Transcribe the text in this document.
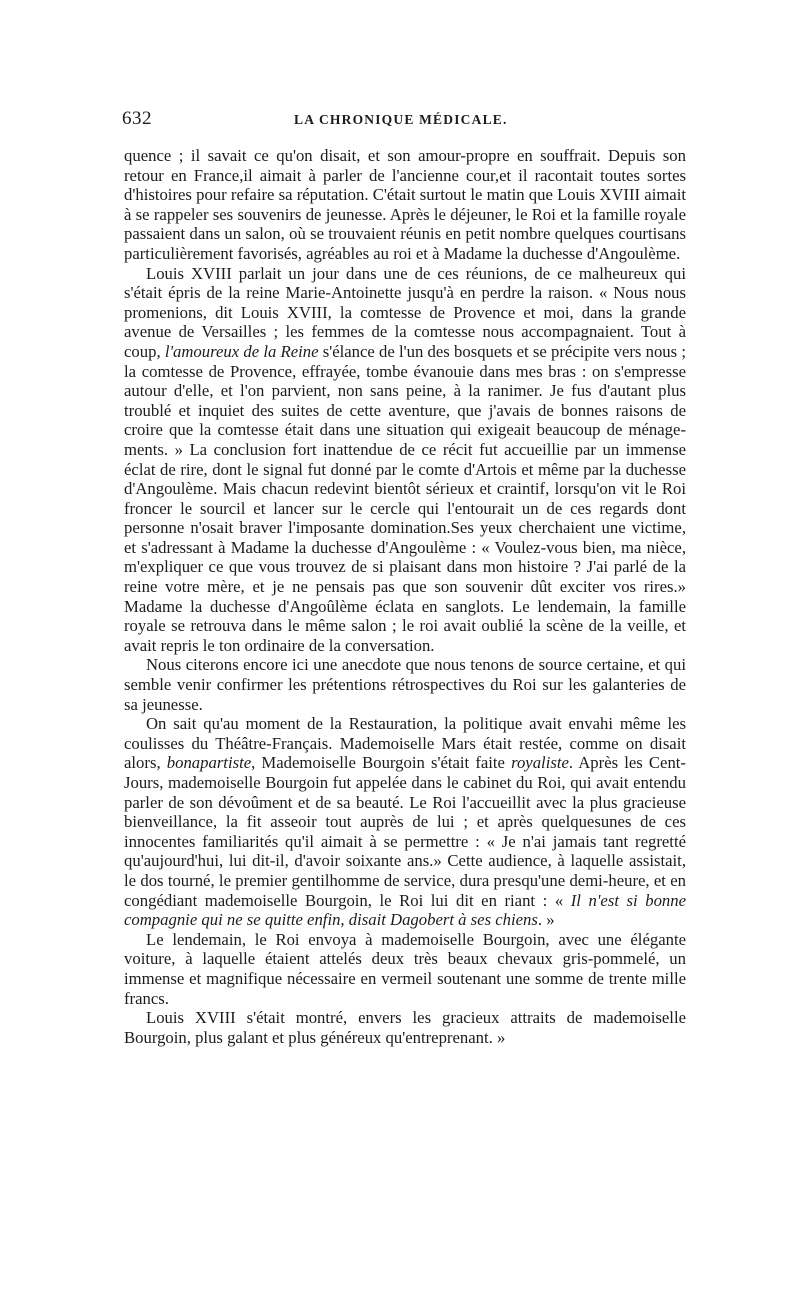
632	LA CHRONIQUE MÉDICALE.

quence ; il savait ce qu'on disait, et son amour-propre en souffrait. Depuis son retour en France,il aimait à parler de l'ancienne cour,et il racontait toutes sortes d'histoires pour refaire sa réputation. C'était surtout le matin que Louis XVIII aimait à se rappeler ses souvenirs de jeunesse. Après le déjeuner, le Roi et la famille royale passaient dans un salon, où se trouvaient réunis en petit nombre quelques courtisans particulièrement favorisés, agréables au roi et à Madame la duchesse d'Angoulème.

Louis XVIII parlait un jour dans une de ces réunions, de ce malheureux qui s'était épris de la reine Marie-Antoinette jusqu'à en perdre la raison. « Nous nous promenions, dit Louis XVIII, la comtesse de Provence et moi, dans la grande avenue de Versailles ; les femmes de la comtesse nous accompagnaient. Tout à coup, l'amoureux de la Reine s'élance de l'un des bosquets et se précipite vers nous ; la comtesse de Provence, effrayée, tombe évanouie dans mes bras : on s'empresse autour d'elle, et l'on parvient, non sans peine, à la ranimer. Je fus d'autant plus troublé et inquiet des suites de cette aventure, que j'avais de bonnes raisons de croire que la comtesse était dans une situation qui exigeait beaucoup de ménagements. » La conclusion fort inattendue de ce récit fut accueillie par un immense éclat de rire, dont le signal fut donné par le comte d'Artois et même par la duchesse d'Angoulème. Mais chacun redevint bientôt sérieux et craintif, lorsqu'on vit le Roi froncer le sourcil et lancer sur le cercle qui l'entourait un de ces regards dont personne n'osait braver l'imposante domination.Ses yeux cherchaient une victime, et s'adressant à Madame la duchesse d'Angoulème : « Voulez-vous bien, ma nièce, m'expliquer ce que vous trouvez de si plaisant dans mon histoire ? J'ai parlé de la reine votre mère, et je ne pensais pas que son souvenir dût exciter vos rires.» Madame la duchesse d'Angoûlème éclata en sanglots. Le lendemain, la famille royale se retrouva dans le même salon ; le roi avait oublié la scène de la veille, et avait repris le ton ordinaire de la conversation.

Nous citerons encore ici une anecdote que nous tenons de source certaine, et qui semble venir confirmer les prétentions rétrospectives du Roi sur les galanteries de sa jeunesse.

On sait qu'au moment de la Restauration, la politique avait envahi même les coulisses du Théâtre-Français. Mademoiselle Mars était restée, comme on disait alors, bonapartiste, Mademoiselle Bourgoin s'était faite royaliste. Après les Cent-Jours, mademoiselle Bourgoin fut appelée dans le cabinet du Roi, qui avait entendu parler de son dévoûment et de sa beauté. Le Roi l'accueillit avec la plus gracieuse bienveillance, la fit asseoir tout auprès de lui ; et après quelquesunes de ces innocentes familiarités qu'il aimait à se permettre : « Je n'ai jamais tant regretté qu'aujourd'hui, lui dit-il, d'avoir soixante ans.» Cette audience, à laquelle assistait, le dos tourné, le premier gentilhomme de service, dura presqu'une demi-heure, et en congédiant mademoiselle Bourgoin, le Roi lui dit en riant : « Il n'est si bonne compagnie qui ne se quitte enfin, disait Dagobert à ses chiens. »

Le lendemain, le Roi envoya à mademoiselle Bourgoin, avec une élégante voiture, à laquelle étaient attelés deux très beaux chevaux gris-pommelé, un immense et magnifique nécessaire en vermeil soutenant une somme de trente mille francs.

Louis XVIII s'était montré, envers les gracieux attraits de mademoiselle Bourgoin, plus galant et plus généreux qu'entreprenant. »
